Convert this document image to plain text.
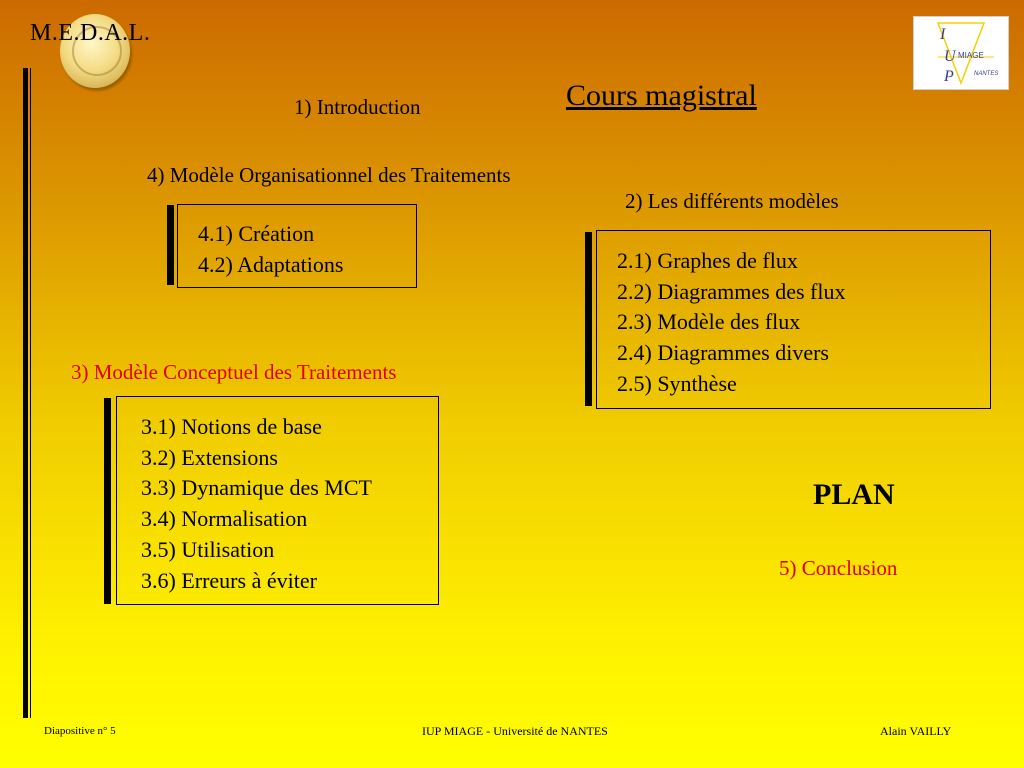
M.E.D.A.L.	I
U
P
MIAGE
NANTES
Cours magistral
1) Introduction
4) Modèle Organisationnel des Traitements
4.1) Création
4.2) Adaptations
2) Les différents modèles
2.1) Graphes de flux
2.2) Diagrammes des flux
2.3) Modèle des flux
2.4) Diagrammes divers
2.5) Synthèse
3) Modèle Conceptuel des Traitements
3.1) Notions de base
3.2) Extensions
3.3) Dynamique des MCT
3.4) Normalisation
3.5) Utilisation
3.6) Erreurs à éviter
PLAN
5) Conclusion
Diapositive n° 5	IUP MIAGE - Université de NANTES	Alain VAILLY
